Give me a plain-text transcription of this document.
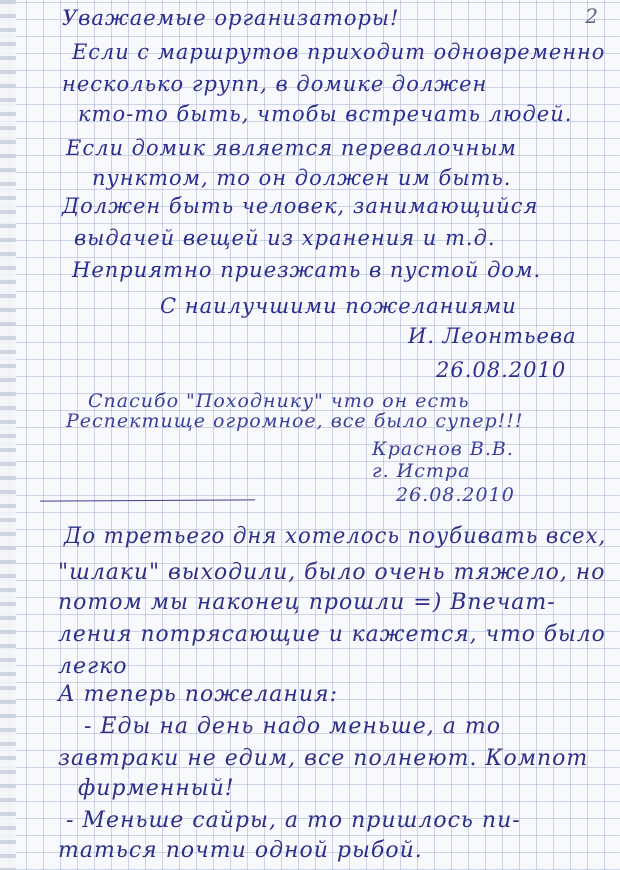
2
Уважаемые организаторы!
Если с маршрутов приходит одновременно
несколько групп, в домике должен
кто-то быть, чтобы встречать людей.
Если домик является перевалочным
пунктом, то он должен им быть.
Должен быть человек, занимающийся
выдачей вещей из хранения и т.д.
Неприятно приезжать в пустой дом.
С наилучшими пожеланиями
И. Леонтьева
26.08.2010
Спасибо "Походнику" что он есть
Респектище огромное, все было супер!!!
Краснов В.В.
г. Истра
26.08.2010
До третьего дня хотелось поубивать всех,
"шлаки" выходили, было очень тяжело, но
потом мы наконец прошли =) Впечат-
ления потрясающие и кажется, что было
легко
А теперь пожелания:
- Еды на день надо меньше, а то
завтраки не едим, все полнеют. Компот
фирменный!
- Меньше сайры, а то пришлось пи-
таться почти одной рыбой.
